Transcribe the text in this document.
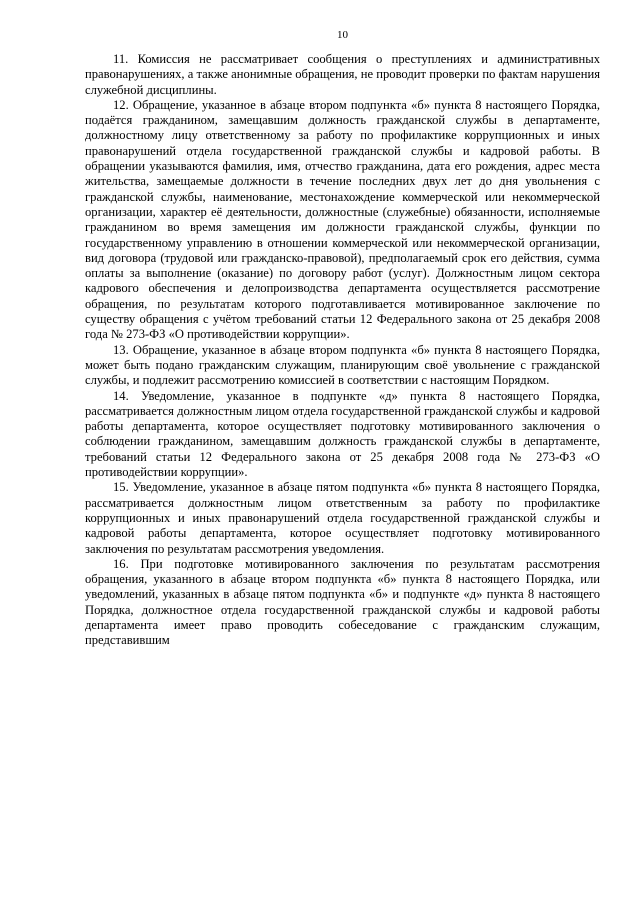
10

11. Комиссия не рассматривает сообщения о преступлениях и административных правонарушениях, а также анонимные обращения, не проводит проверки по фактам нарушения служебной дисциплины.

12. Обращение, указанное в абзаце втором подпункта «б» пункта 8 настоящего Порядка, подаётся гражданином, замещавшим должность гражданской службы в департаменте, должностному лицу ответственному за работу по профилактике коррупционных и иных правонарушений отдела государственной гражданской службы и кадровой работы. В обращении указываются фамилия, имя, отчество гражданина, дата его рождения, адрес места жительства, замещаемые должности в течение последних двух лет до дня увольнения с гражданской службы, наименование, местонахождение коммерческой или некоммерческой организации, характер её деятельности, должностные (служебные) обязанности, исполняемые гражданином во время замещения им должности гражданской службы, функции по государственному управлению в отношении коммерческой или некоммерческой организации, вид договора (трудовой или гражданско-правовой), предполагаемый срок его действия, сумма оплаты за выполнение (оказание) по договору работ (услуг). Должностным лицом сектора кадрового обеспечения и делопроизводства департамента осуществляется рассмотрение обращения, по результатам которого подготавливается мотивированное заключение по существу обращения с учётом требований статьи 12 Федерального закона от 25 декабря 2008 года № 273-ФЗ «О противодействии коррупции».

13. Обращение, указанное в абзаце втором подпункта «б» пункта 8 настоящего Порядка, может быть подано гражданским служащим, планирующим своё увольнение с гражданской службы, и подлежит рассмотрению комиссией в соответствии с настоящим Порядком.

14. Уведомление, указанное в подпункте «д» пункта 8 настоящего Порядка, рассматривается должностным лицом отдела государственной гражданской службы и кадровой работы департамента, которое осуществляет подготовку мотивированного заключения о соблюдении гражданином, замещавшим должность гражданской службы в департаменте, требований статьи 12 Федерального закона от 25 декабря 2008 года № 273-ФЗ «О противодействии коррупции».

15. Уведомление, указанное в абзаце пятом подпункта «б» пункта 8 настоящего Порядка, рассматривается должностным лицом ответственным за работу по профилактике коррупционных и иных правонарушений отдела государственной гражданской службы и кадровой работы департамента, которое осуществляет подготовку мотивированного заключения по результатам рассмотрения уведомления.

16. При подготовке мотивированного заключения по результатам рассмотрения обращения, указанного в абзаце втором подпункта «б» пункта 8 настоящего Порядка, или уведомлений, указанных в абзаце пятом подпункта «б» и подпункте «д» пункта 8 настоящего Порядка, должностное отдела государственной гражданской службы и кадровой работы департамента имеет право проводить собеседование с гражданским служащим, представившим
